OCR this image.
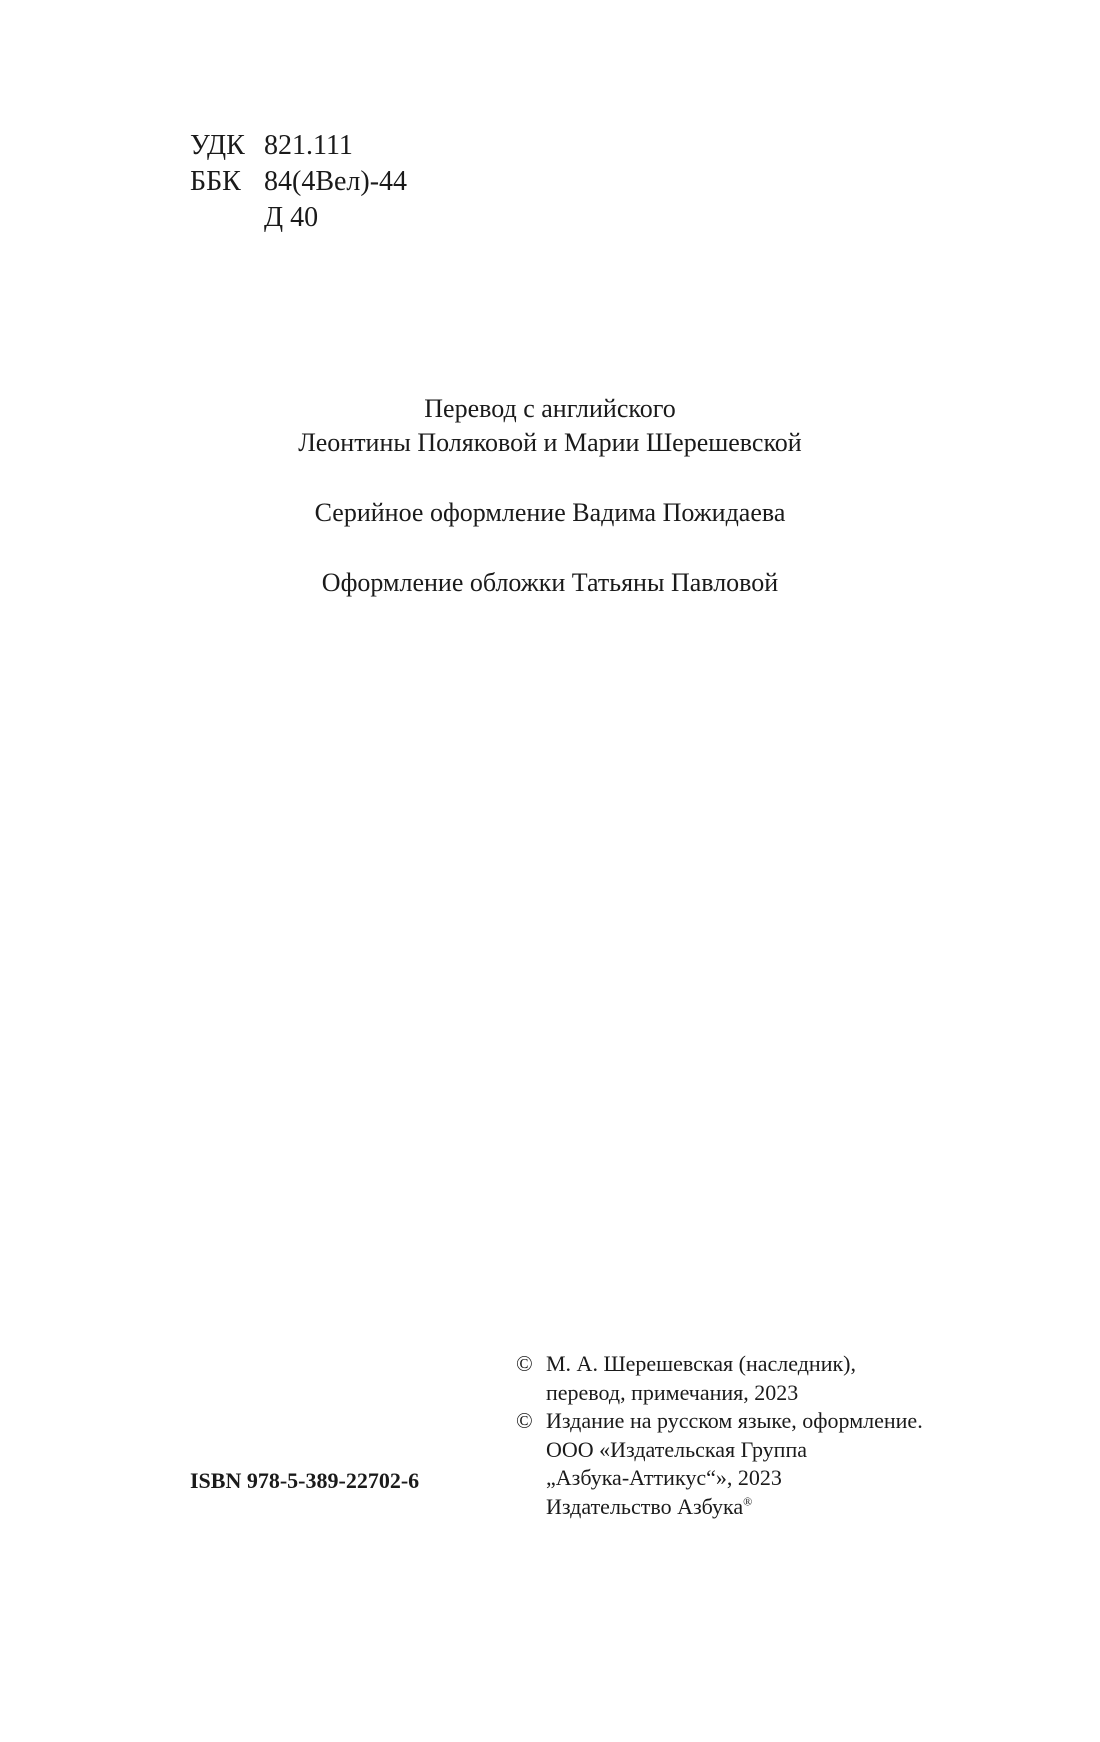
УДК 821.111
ББК 84(4Вел)-44
Д 40
Перевод с английского
Леонтины Поляковой и Марии Шерешевской
Серийное оформление Вадима Пожидаева
Оформление обложки Татьяны Павловой
© М. А. Шерешевская (наследник),
перевод, примечания, 2023
© Издание на русском языке, оформление.
ООО «Издательская Группа
„Азбука-Аттикус“», 2023
Издательство Азбука®
ISBN 978-5-389-22702-6
